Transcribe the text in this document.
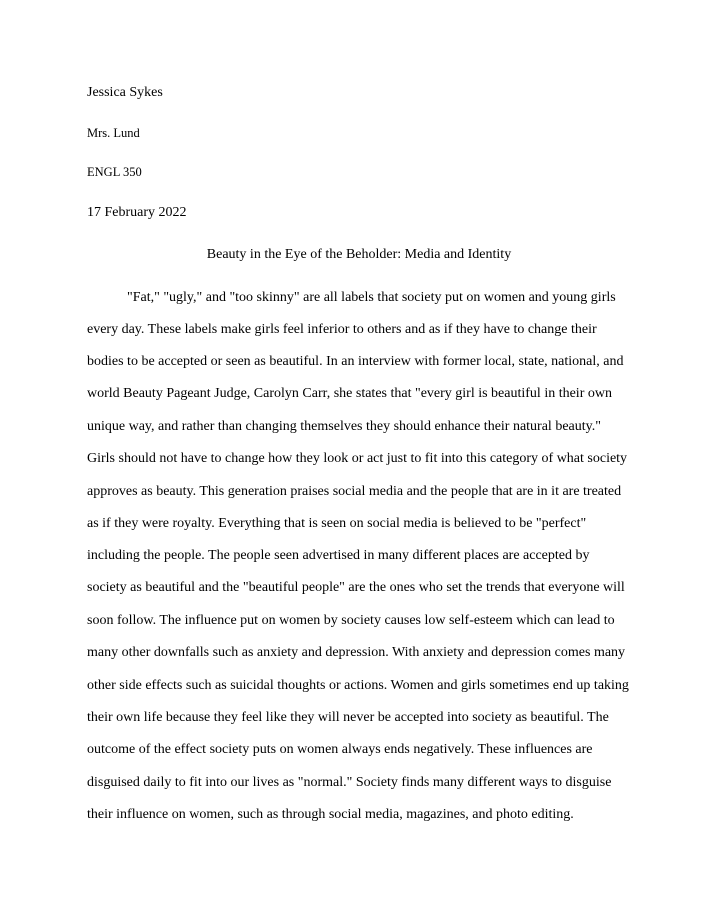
Jessica Sykes

Mrs. Lund

ENGL 350

17 February 2022

Beauty in the Eye of the Beholder: Media and Identity

"Fat," "ugly," and "too skinny" are all labels that society put on women and young girls

every day. These labels make girls feel inferior to others and as if they have to change their

bodies to be accepted or seen as beautiful. In an interview with former local, state, national, and

world Beauty Pageant Judge, Carolyn Carr, she states that "every girl is beautiful in their own

unique way, and rather than changing themselves they should enhance their natural beauty."

Girls should not have to change how they look or act just to fit into this category of what society

approves as beauty. This generation praises social media and the people that are in it are treated

as if they were royalty. Everything that is seen on social media is believed to be "perfect"

including the people. The people seen advertised in many different places are accepted by

society as beautiful and the "beautiful people" are the ones who set the trends that everyone will

soon follow. The influence put on women by society causes low self-esteem which can lead to

many other downfalls such as anxiety and depression. With anxiety and depression comes many

other side effects such as suicidal thoughts or actions. Women and girls sometimes end up taking

their own life because they feel like they will never be accepted into society as beautiful. The

outcome of the effect society puts on women always ends negatively. These influences are

disguised daily to fit into our lives as "normal." Society finds many different ways to disguise

their influence on women, such as through social media, magazines, and photo editing.
